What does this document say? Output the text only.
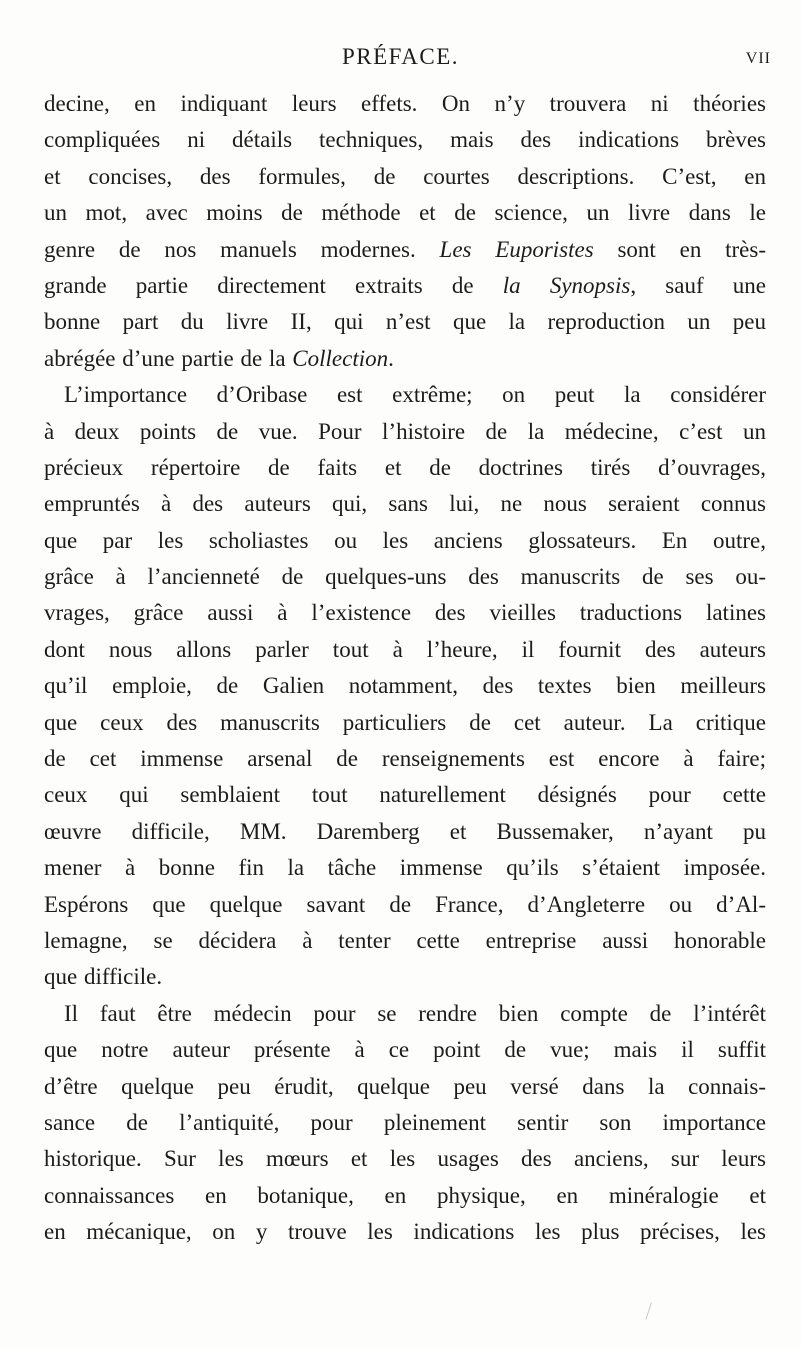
PRÉFACE.	VII
decine, en indiquant leurs effets. On n’y trouvera ni théories
compliquées ni détails techniques, mais des indications brèves
et concises, des formules, de courtes descriptions. C’est, en
un mot, avec moins de méthode et de science, un livre dans le
genre de nos manuels modernes. Les Euporistes sont en très-
grande partie directement extraits de la Synopsis, sauf une
bonne part du livre II, qui n’est que la reproduction un peu
abrégée d’une partie de la Collection.
L’importance d’Oribase est extrême; on peut la considérer
à deux points de vue. Pour l’histoire de la médecine, c’est un
précieux répertoire de faits et de doctrines tirés d’ouvrages,
empruntés à des auteurs qui, sans lui, ne nous seraient connus
que par les scholiastes ou les anciens glossateurs. En outre,
grâce à l’ancienneté de quelques-uns des manuscrits de ses ou-
vrages, grâce aussi à l’existence des vieilles traductions latines
dont nous allons parler tout à l’heure, il fournit des auteurs
qu’il emploie, de Galien notamment, des textes bien meilleurs
que ceux des manuscrits particuliers de cet auteur. La critique
de cet immense arsenal de renseignements est encore à faire;
ceux qui semblaient tout naturellement désignés pour cette
œuvre difficile, MM. Daremberg et Bussemaker, n’ayant pu
mener à bonne fin la tâche immense qu’ils s’étaient imposée.
Espérons que quelque savant de France, d’Angleterre ou d’Al-
lemagne, se décidera à tenter cette entreprise aussi honorable
que difficile.
Il faut être médecin pour se rendre bien compte de l’intérêt
que notre auteur présente à ce point de vue; mais il suffit
d’être quelque peu érudit, quelque peu versé dans la connais-
sance de l’antiquité, pour pleinement sentir son importance
historique. Sur les mœurs et les usages des anciens, sur leurs
connaissances en botanique, en physique, en minéralogie et
en mécanique, on y trouve les indications les plus précises, les
